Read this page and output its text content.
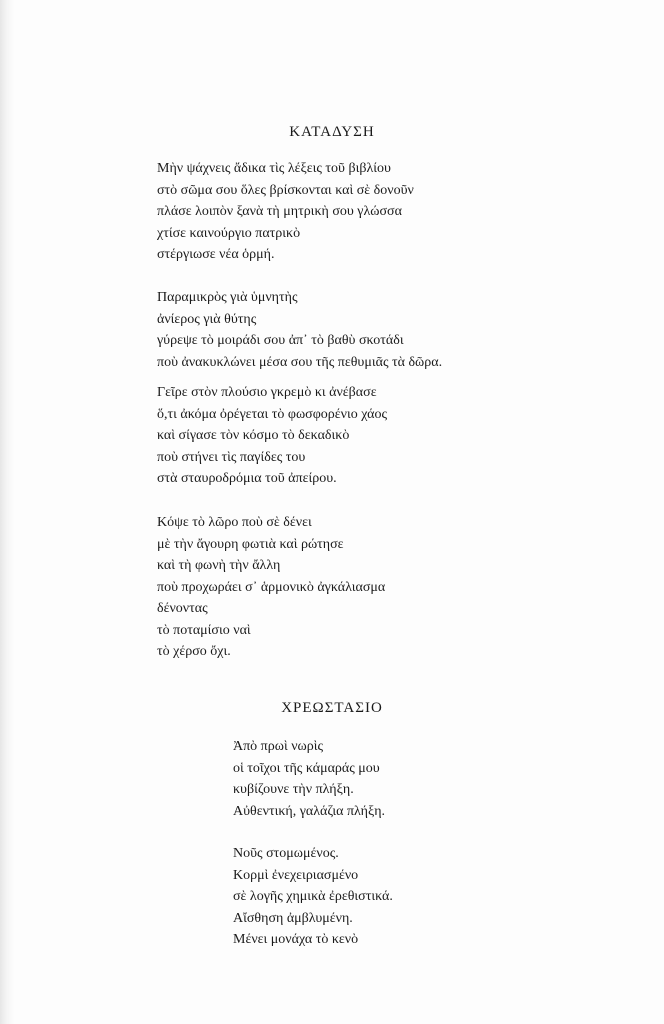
ΚΑΤΑΔΥΣΗ

Μὴν ψάχνεις ἄδικα τὶς λέξεις τοῦ βιβλίου
στὸ σῶμα σου ὅλες βρίσκονται καὶ σὲ δονοῦν
πλάσε λοιπὸν ξανὰ τὴ μητρικὴ σου γλώσσα
χτίσε καινούργιο πατρικὸ
στέργιωσε νέα ὁρμή.

Παραμικρὸς γιὰ ὑμνητὴς
ἀνίερος γιὰ θύτης
γύρεψε τὸ μοιράδι σου ἀπ᾽ τὸ βαθὺ σκοτάδι
ποὺ ἀνακυκλώνει μέσα σου τῆς πεθυμιᾶς τὰ δῶρα.

Γεῖρε στὸν πλούσιο γκρεμὸ κι ἀνέβασε
ὅ,τι ἀκόμα ὀρέγεται τὸ φωσφορένιο χάος
καὶ σίγασε τὸν κόσμο τὸ δεκαδικὸ
ποὺ στήνει τὶς παγίδες του
στὰ σταυροδρόμια τοῦ ἀπείρου.

Κόψε τὸ λῶρο ποὺ σὲ δένει
μὲ τὴν ἄγουρη φωτιὰ καὶ ρώτησε
καὶ τὴ φωνὴ τὴν ἄλλη
ποὺ προχωράει σ᾽ ἁρμονικὸ ἀγκάλιασμα
δένοντας
τὸ ποταμίσιο ναὶ
τὸ χέρσο ὄχι.

ΧΡΕΩΣΤΑΣΙΟ

Ἀπὸ πρωὶ νωρὶς
οἱ τοῖχοι τῆς κάμαράς μου
κυβίζουνε τὴν πλήξη.
Αὐθεντική, γαλάζια πλήξη.

Νοῦς στομωμένος.
Κορμὶ ἐνεχειριασμένο
σὲ λογῆς χημικὰ ἐρεθιστικά.
Αἴσθηση ἀμβλυμένη.
Μένει μονάχα τὸ κενὸ
